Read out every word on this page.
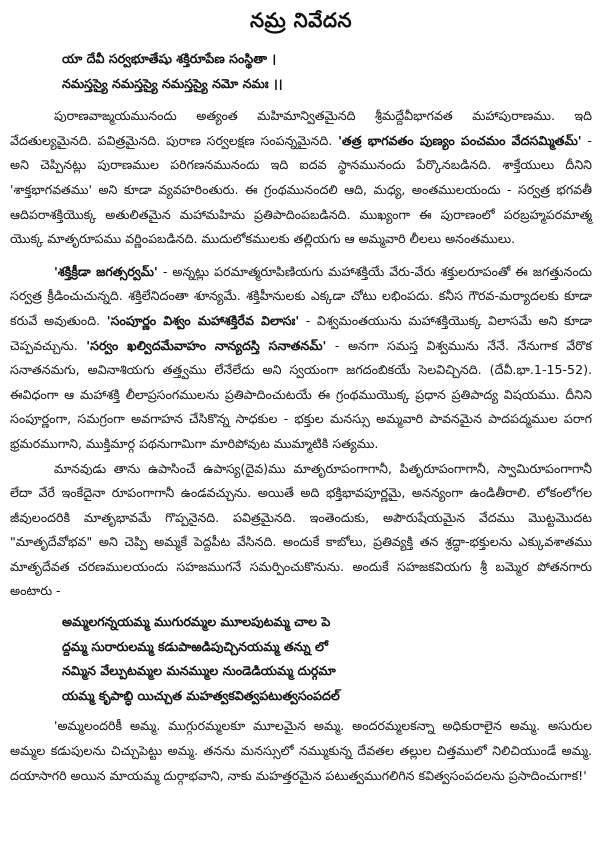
నమ్ర నివేదన
యా దేవీ సర్వభూతేషు శక్తిరూపేణ సంస్థితా ।
నమస్తస్యై నమస్తస్యై నమస్తస్యై నమో నమః ।।

పురాణవాఙ్మయమునందు అత్యంత మహిమాన్వితమైనది శ్రీమద్దేవీభాగవత మహాపురాణము. ఇది వేదతుల్యమైనది. పవిత్రమైనది. పురాణ సర్వలక్షణ సంపన్నమైనది. 'తత్ర భాగవతం పుణ్యం పంచమం వేదసమ్మితమ్' - అని చెప్పినట్లు పురాణముల పరిగణనమునందు ఇది ఐదవ స్థానమునందు పేర్కొనబడినది. శాక్తేయులు దీనిని 'శాక్తభాగవతము' అని కూడా వ్యవహరింతురు. ఈ గ్రంథమునందలి ఆది, మధ్య, అంతములయందు - సర్వత్ర భగవతీ ఆదిపరాశక్తియొక్క అతులితమైన మహామహిమ ప్రతిపాదింపబడినది. ముఖ్యంగా ఈ పురాణంలో పరబ్రహ్మపరమాత్మ యొక్క మాతృరూపము వర్ణింపబడినది. ముదులోకములకు తల్లియగు ఆ అమ్మవారి లీలలు అనంతములు.

'శక్తిక్రీడా జగత్సర్వమ్' - అన్నట్లు పరమాత్మరూపిణియగు మహాశక్తియే వేరు-వేరు శక్తులరూపంతో ఈ జగత్తునందు సర్వత్ర క్రీడించుచున్నది. శక్తిలేనిదంతా శూన్యమే. శక్తిహీనులకు ఎక్కడా చోటు లభింపదు. కనీస గౌరవ-మర్యాదలకు కూడా కరువే అవుతుంది. 'సంపూర్ణం విశ్వం మహాశక్తిరేవ విలాసః' - విశ్వమంతయును మహాశక్తియొక్క విలాసమే అని కూడా చెప్పవచ్చును. 'సర్వం ఖల్విదమేవాహం నాన్యదస్తి సనాతనమ్' - అనగా సమస్త విశ్వమును నేనే. నేనుగాక వేరొక సనాతనమగు, అవినాశియగు తత్త్వము లేనేలేదు అని స్వయంగా జగదంబికయే సెలవిచ్చినది. (దేవీ.భా.1-15-52). ఈవిధంగా ఆ మహాశక్తి లీలాప్రసంగములను ప్రతిపాదించుటయే ఈ గ్రంథముయొక్క ప్రధాన ప్రతిపాద్య విషయము. దీనిని సంపూర్ణంగా, సమగ్రంగా అవగాహన చేసికొన్న సాధకుల - భక్తుల మనస్సు అమ్మవారి పావనమైన పాదపద్మముల పరాగ భ్రమరముగాని, ముక్తిమార్గ పథనుగామిగా మారిపోవుట ముమ్మాటికి సత్యము.

మానవుడు తాను ఉపాసించే ఉపాస్య(దైవ)ము మాతృరూపంగాగానీ, పితృరూపంగాగానీ, స్వామిరూపంగాగానీ లేదా వేరే ఇంకేదైనా రూపంగాగానీ ఉండవచ్చును. అయితే అది భక్తిభావపూర్ణమై, అనన్యంగా ఉండితీరాలి. లోకంలోగల జీవులందరికి మాతృభావమే గొప్పనైనది. పవిత్రమైనది. ఇంతెందుకు, అపౌరుషేయమైన వేదము మొట్టమొదట "మాతృదేవోభవ" అని చెప్పి అమ్మకే పెద్దపీట వేసినది. అందుకే కాబోలు, ప్రతివ్యక్తి తన శ్రద్ధా-భక్తులను ఎక్కువశాతము మాతృదేవత చరణములయందు సహజముగనే సమర్పించుకొనును. అందుకే సహజకవియగు శ్రీ బమ్మెర పోతనగారు అంటారు -

అమ్మలగన్నయమ్మ ముగురమ్మల మూలపుటమ్మ చాల పె
ద్దమ్మ సురారులమ్మ కడుపాఱడిపుచ్చినయమ్మ తన్ను లో
నమ్మిన వేల్పుటమ్మల మనమ్ముల నుండెడియమ్మ దుర్గమా
యమ్మ కృపాబ్ధి యిచ్చుత మహత్వకవిత్వపటుత్వసంపదల్

'అమ్మలందరికీ అమ్మ. ముగ్గురమ్మలకూ మూలమైన అమ్మ. అందరమ్మలకన్నా అధికురాలైన అమ్మ. అసురుల అమ్మల కడుపులను చిచ్చుపెట్టు అమ్మ. తనను మనస్సులో నమ్ముకున్న దేవతల తల్లుల చిత్తములో నిలిచియుండే అమ్మ. దయాసాగరి అయిన మాయమ్మ దుర్గాభవాని, నాకు మహత్తరమైన పటుత్వముగలిగిన కవిత్వసంపదలను ప్రసాదించుగాక!'
